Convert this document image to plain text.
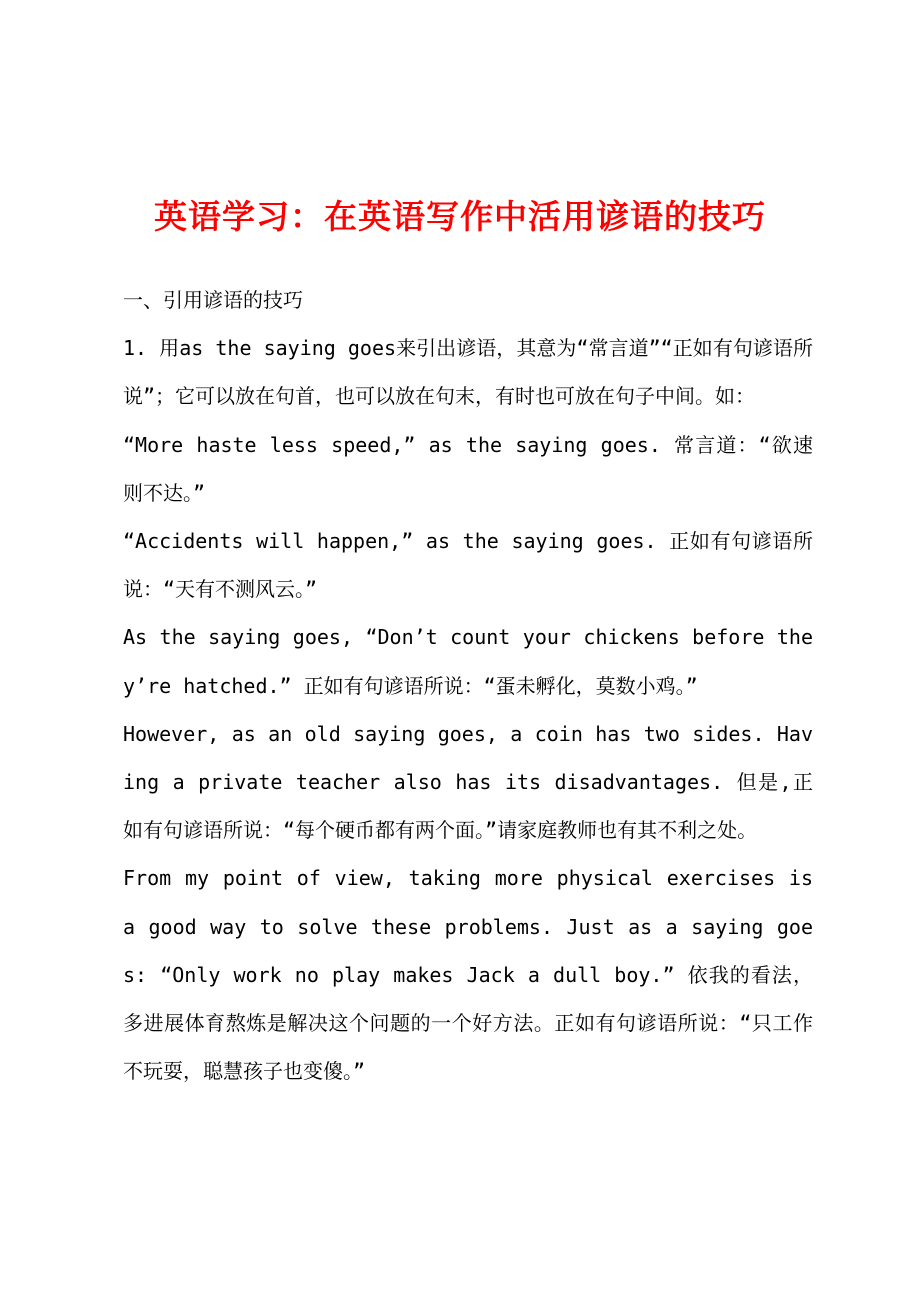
英语学习：在英语写作中活用谚语的技巧

一、引用谚语的技巧

1. 用as the saying goes来引出谚语，其意为“常言道”“正如有句谚语所说”；它可以放在句首，也可以放在句末，有时也可放在句子中间。如：

“More haste less speed,” as the saying goes. 常言道：“欲速则不达。”

“Accidents will happen,” as the saying goes. 正如有句谚语所说：“天有不测风云。”

As the saying goes, “Don’t count your chickens before they’re hatched.” 正如有句谚语所说：“蛋未孵化，莫数小鸡。”

However, as an old saying goes, a coin has two sides. Having a private teacher also has its disadvantages. 但是,正如有句谚语所说：“每个硬币都有两个面。”请家庭教师也有其不利之处。

From my point of view, taking more physical exercises is a good way to solve these problems. Just as a saying goes: “Only work no play makes Jack a dull boy.” 依我的看法，多进展体育熬炼是解决这个问题的一个好方法。正如有句谚语所说：“只工作不玩耍，聪慧孩子也变傻。”
